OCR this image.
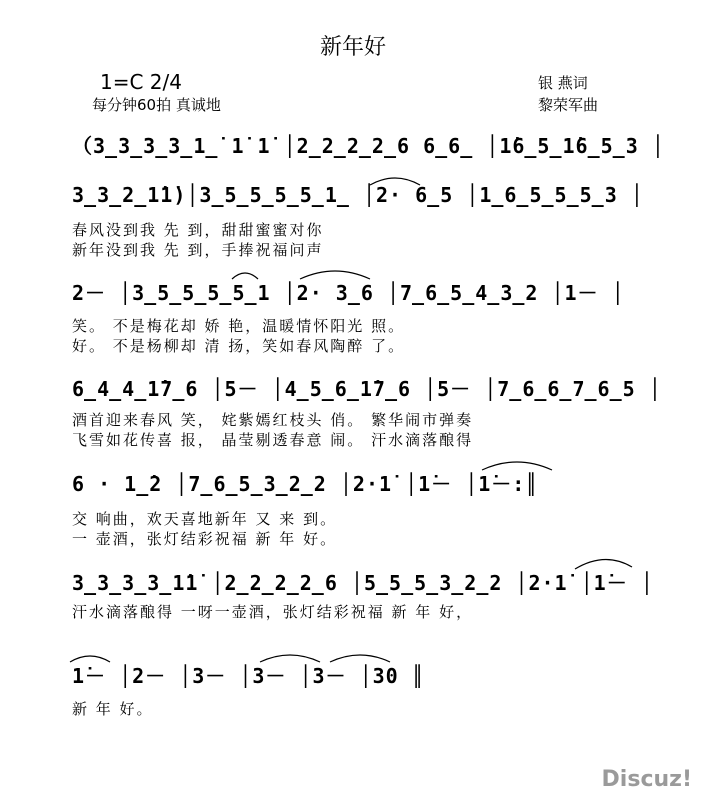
新年好
1=C 2/4
每分钟60拍 真诚地
银 燕词
黎荣军曲
（3̲3̲3̲3̲1̲̇ 1̇ 1̇ │2̲2̲2̲2̲6 6̲6̲ │1̇6̲5̲1̇6̲5̲3 │
3̲3̲2̲1̇1̇)│3̲5̲5̲5̲5̲1̲ │2· 6̲5 │1̲6̲5̲5̲5̲3 │
春风没到我 先 到，甜甜蜜蜜对你
新年没到我 先 到，手捧祝福问声
2－ │3̲5̲5̲5̲5̲1 │2· 3̲6 │7̲6̲5̲4̲3̲2 │1－ │
笑。 不是梅花却 娇 艳，温暖情怀阳光 照。
好。 不是杨柳却 清 扬，笑如春风陶醉 了。
6̲4̲4̲1̇7̲6 │5－ │4̲5̲6̲1̇7̲6 │5－ │7̲6̲6̲7̲6̲5 │
酒首迎来春风 笑， 姹紫嫣红枝头 俏。 繁华闹市弹奏
飞雪如花传喜 报， 晶莹剔透春意 闹。 汗水滴落酿得
6 · 1̲̇2 │7̲6̲5̲3̲2̲2 │2·1̇ │1̇－ │1̇－:║
交 响曲，欢天喜地新年 又 来 到。
一 壶酒，张灯结彩祝福 新 年 好。
3̲3̲3̲3̲1̇1̇ │2̲2̲2̲2̲6 │5̲5̲5̲3̲2̲2 │2·1̇ │1̇－ │
汗水滴落酿得 一呀一壶酒，张灯结彩祝福 新 年 好，
1̇－ │2－ │3－ │3－ │3－ │30 ║
新 年 好。
Discuz!
